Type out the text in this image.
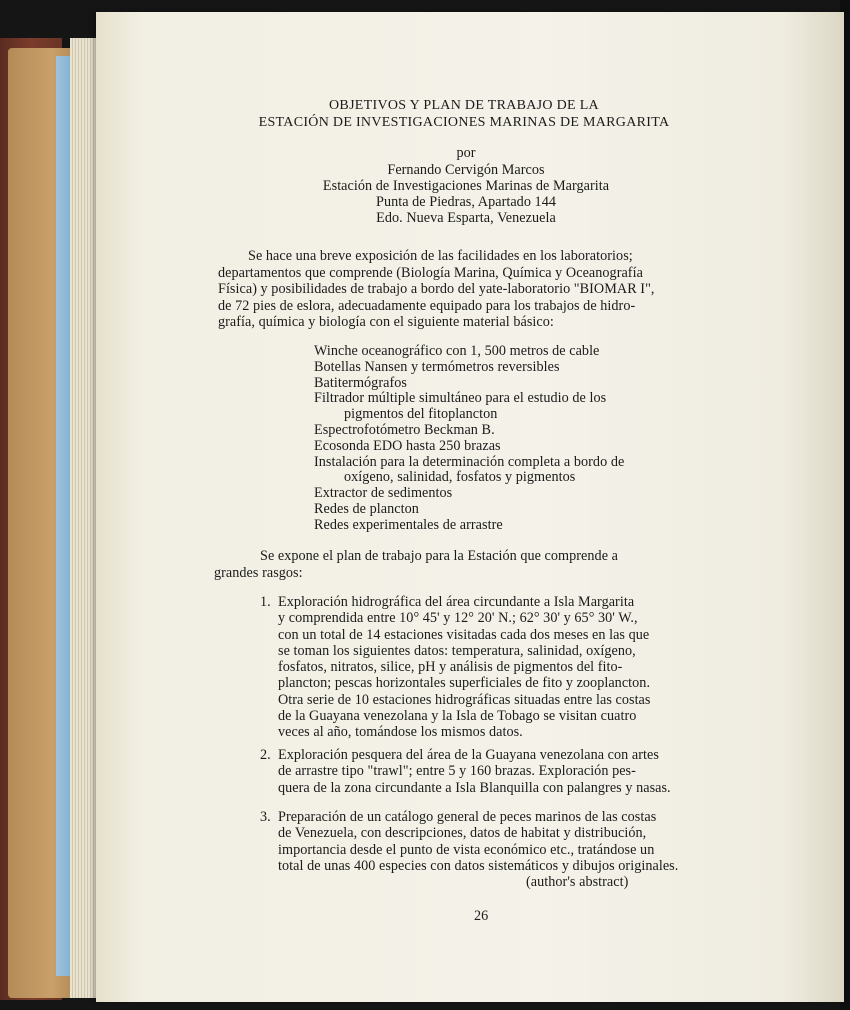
OBJETIVOS Y PLAN DE TRABAJO DE LA

ESTACIÓN DE INVESTIGACIONES MARINAS DE MARGARITA

por

Fernando Cervigón Marcos

Estación de Investigaciones Marinas de Margarita

Punta de Piedras, Apartado 144

Edo. Nueva Esparta, Venezuela

Se hace una breve exposición de las facilidades en los laboratorios;
departamentos que comprende (Biología Marina, Química y Oceanografía
Física) y posibilidades de trabajo a bordo del yate-laboratorio "BIOMAR I",
de 72 pies de eslora, adecuadamente equipado para los trabajos de hidro-
grafía, química y biología con el siguiente material básico:
Winche oceanográfico con 1, 500 metros de cable
Botellas Nansen y termómetros reversibles
Batitermógrafos
Filtrador múltiple simultáneo para el estudio de los
pigmentos del fitoplancton
Espectrofotómetro Beckman B.
Ecosonda EDO hasta 250 brazas
Instalación para la determinación completa a bordo de
oxígeno, salinidad, fosfatos y pigmentos
Extractor de sedimentos
Redes de plancton
Redes experimentales de arrastre
Se expone el plan de trabajo para la Estación que comprende a
grandes rasgos:
1. Exploración hidrográfica del área circundante a Isla Margarita
y comprendida entre 10° 45' y 12° 20' N.; 62° 30' y 65° 30' W.,
con un total de 14 estaciones visitadas cada dos meses en las que
se toman los siguientes datos: temperatura, salinidad, oxígeno,
fosfatos, nitratos, silice, pH y análisis de pigmentos del fito-
plancton; pescas horizontales superficiales de fito y zooplancton.
Otra serie de 10 estaciones hidrográficas situadas entre las costas
de la Guayana venezolana y la Isla de Tobago se visitan cuatro
veces al año, tomándose los mismos datos.
2. Exploración pesquera del área de la Guayana venezolana con artes
de arrastre tipo "trawl"; entre 5 y 160 brazas. Exploración pes-
quera de la zona circundante a Isla Blanquilla con palangres y nasas.
3. Preparación de un catálogo general de peces marinos de las costas
de Venezuela, con descripciones, datos de habitat y distribución,
importancia desde el punto de vista económico etc., tratándose un
total de unas 400 especies con datos sistemáticos y dibujos originales.

(author's abstract)

26
